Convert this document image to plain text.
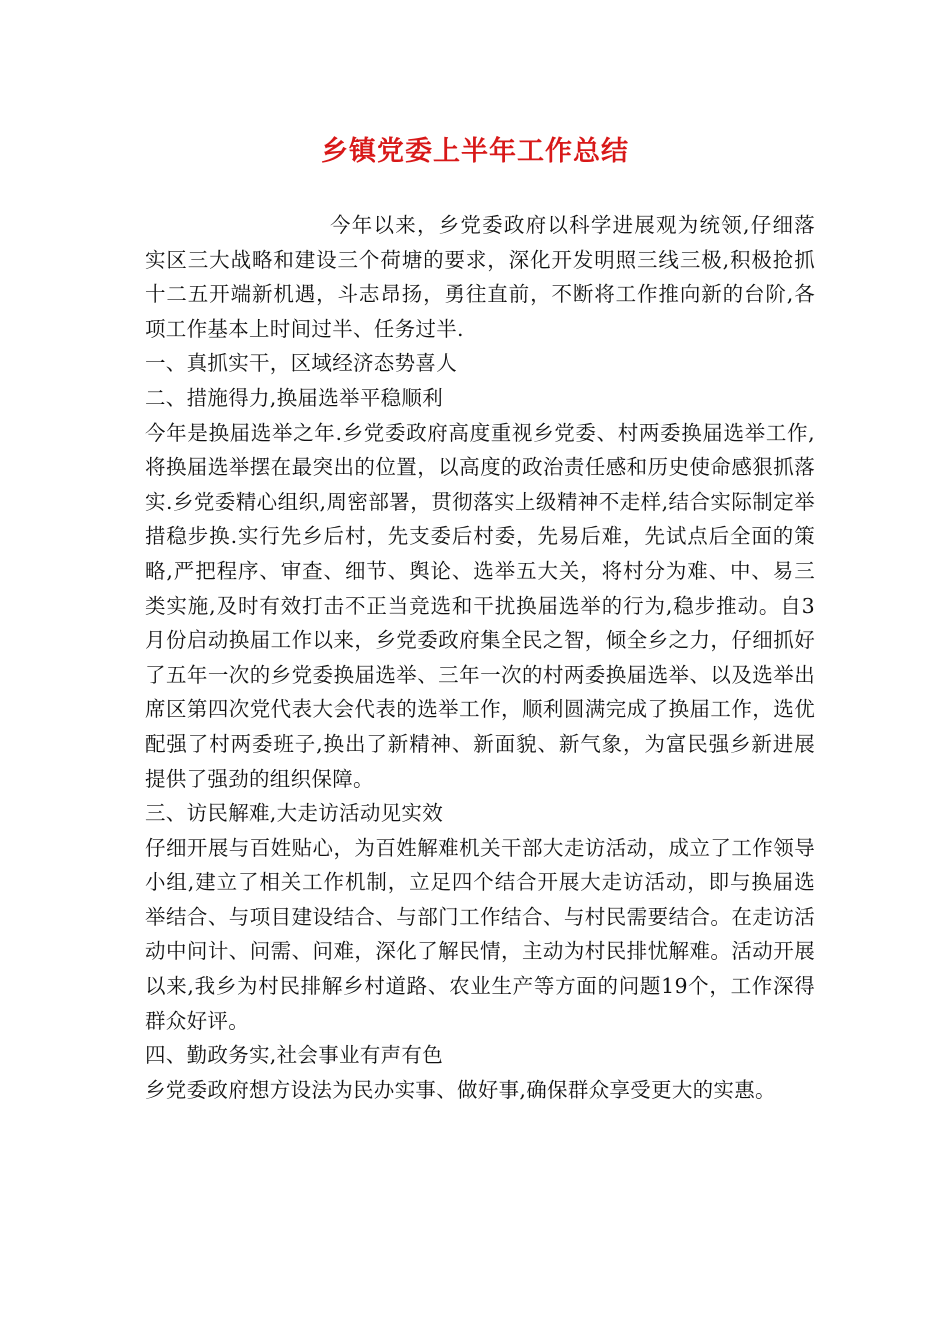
乡镇党委上半年工作总结

今年以来，乡党委政府以科学进展观为统领,仔细落实区三大战略和建设三个荷塘的要求，深化开发明照三线三极,积极抢抓十二五开端新机遇，斗志昂扬，勇往直前，不断将工作推向新的台阶,各项工作基本上时间过半、任务过半.

一、真抓实干，区域经济态势喜人

二、措施得力,换届选举平稳顺利

今年是换届选举之年.乡党委政府高度重视乡党委、村两委换届选举工作,将换届选举摆在最突出的位置，以高度的政治责任感和历史使命感狠抓落实.乡党委精心组织,周密部署，贯彻落实上级精神不走样,结合实际制定举措稳步换.实行先乡后村，先支委后村委，先易后难，先试点后全面的策略,严把程序、审查、细节、舆论、选举五大关，将村分为难、中、易三类实施,及时有效打击不正当竞选和干扰换届选举的行为,稳步推动。自3月份启动换届工作以来，乡党委政府集全民之智，倾全乡之力，仔细抓好了五年一次的乡党委换届选举、三年一次的村两委换届选举、以及选举出席区第四次党代表大会代表的选举工作，顺利圆满完成了换届工作，选优配强了村两委班子,换出了新精神、新面貌、新气象，为富民强乡新进展提供了强劲的组织保障。

三、访民解难,大走访活动见实效

仔细开展与百姓贴心，为百姓解难机关干部大走访活动，成立了工作领导小组,建立了相关工作机制，立足四个结合开展大走访活动，即与换届选举结合、与项目建设结合、与部门工作结合、与村民需要结合。在走访活动中问计、问需、问难，深化了解民情，主动为村民排忧解难。活动开展以来,我乡为村民排解乡村道路、农业生产等方面的问题19个，工作深得群众好评。

四、勤政务实,社会事业有声有色

乡党委政府想方设法为民办实事、做好事,确保群众享受更大的实惠。
